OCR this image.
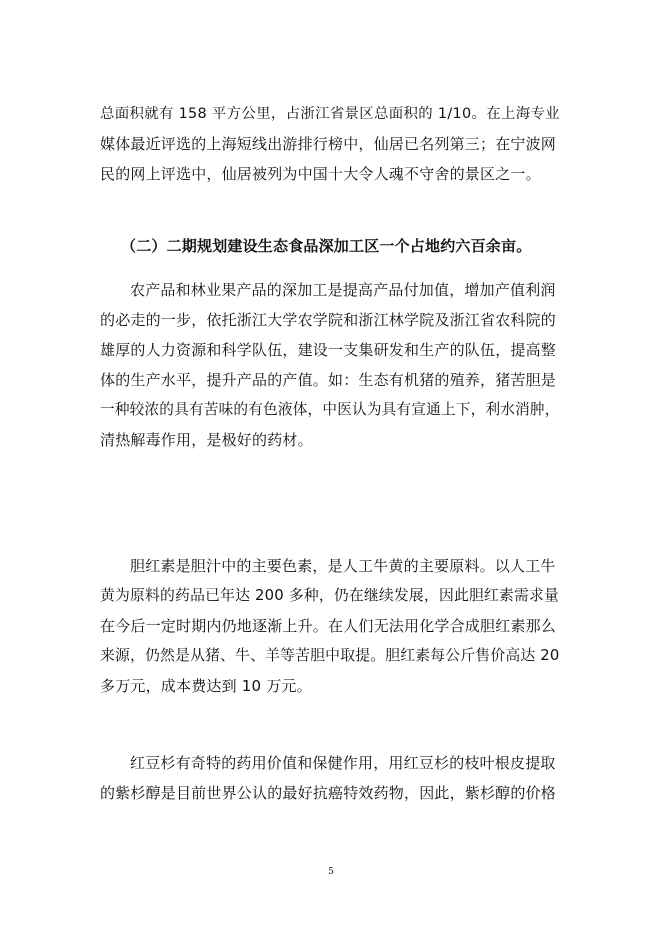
总面积就有 158 平方公里，占浙江省景区总面积的 1/10。在上海专业
媒体最近评选的上海短线出游排行榜中，仙居已名列第三；在宁波网
民的网上评选中，仙居被列为中国十大令人魂不守舍的景区之一。
（二）二期规划建设生态食品深加工区一个占地约六百余亩。
农产品和林业果产品的深加工是提高产品付加值，增加产值利润
的必走的一步，依托浙江大学农学院和浙江林学院及浙江省农科院的
雄厚的人力资源和科学队伍，建设一支集研发和生产的队伍，提高整
体的生产水平，提升产品的产值。如：生态有机猪的殖养，猪苦胆是
一种较浓的具有苦味的有色液体，中医认为具有宣通上下，利水消肿，
清热解毒作用，是极好的药材。
胆红素是胆汁中的主要色素，是人工牛黄的主要原料。以人工牛
黄为原料的药品已年达 200 多种，仍在继续发展，因此胆红素需求量
在今后一定时期内仍地逐渐上升。在人们无法用化学合成胆红素那么
来源，仍然是从猪、牛、羊等苦胆中取提。胆红素每公斤售价高达 20
多万元，成本费达到 10 万元。
红豆杉有奇特的药用价值和保健作用，用红豆杉的枝叶根皮提取
的紫杉醇是目前世界公认的最好抗癌特效药物，因此，紫杉醇的价格
5
